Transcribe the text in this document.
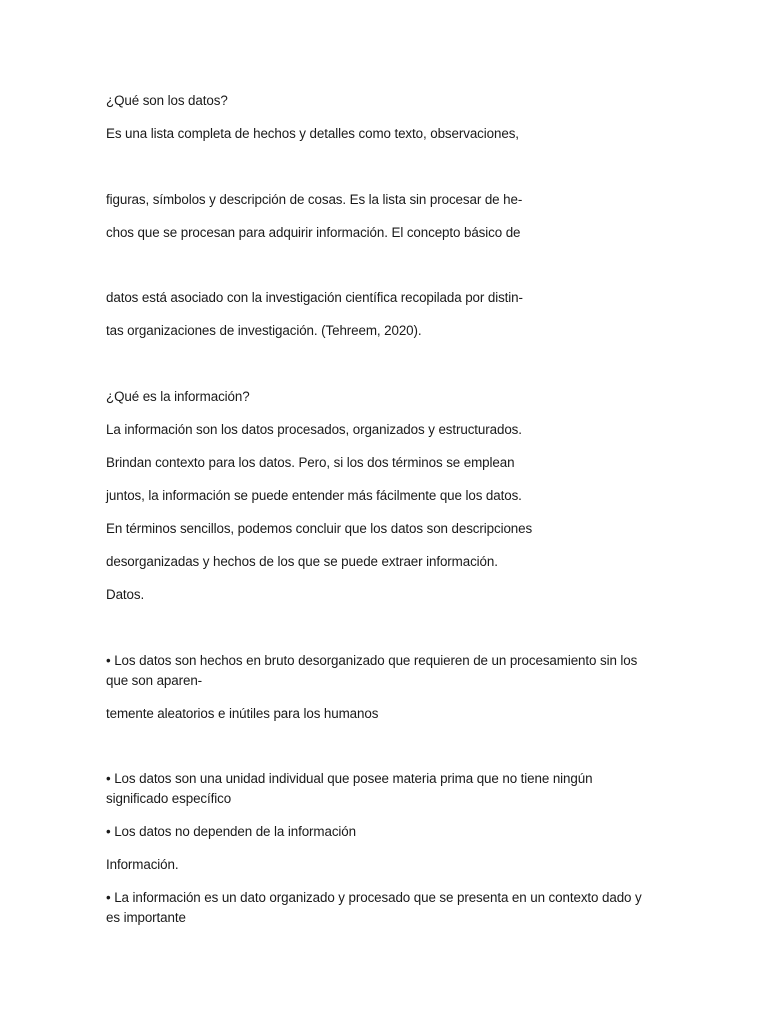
¿Qué son los datos?

Es una lista completa de hechos y detalles como texto, observaciones,

figuras, símbolos y descripción de cosas. Es la lista sin procesar de he-

chos que se procesan para adquirir información. El concepto básico de

datos está asociado con la investigación científica recopilada por distin-

tas organizaciones de investigación. (Tehreem, 2020).

¿Qué es la información?

La información son los datos procesados, organizados y estructurados.

Brindan contexto para los datos. Pero, si los dos términos se emplean

juntos, la información se puede entender más fácilmente que los datos.

En términos sencillos, podemos concluir que los datos son descripciones

desorganizadas y hechos de los que se puede extraer información.

Datos.

• Los datos son hechos en bruto desorganizado que requieren de un procesamiento sin los que son aparen-

temente aleatorios e inútiles para los humanos

• Los datos son una unidad individual que posee materia prima que no tiene ningún significado específico

• Los datos no dependen de la información

Información.

• La información es un dato organizado y procesado que se presenta en un contexto dado y es importante
